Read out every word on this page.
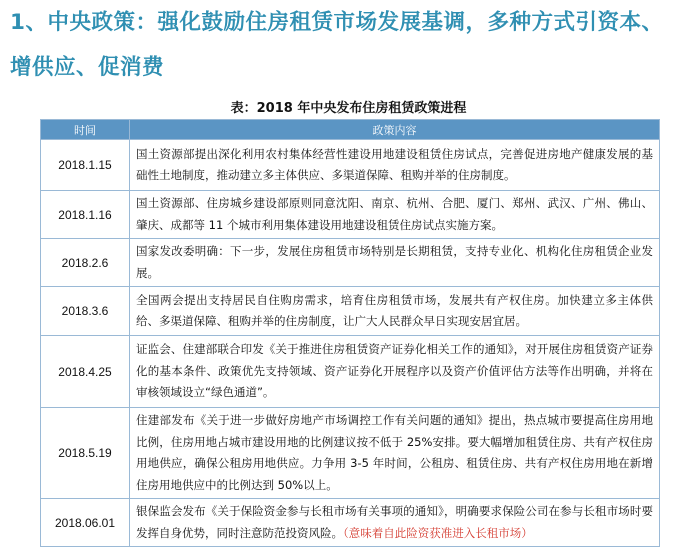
1、中央政策：强化鼓励住房租赁市场发展基调，多种方式引资本、
增供应、促消费
表：2018 年中央发布住房租赁政策进程
时间	政策内容
2018.1.15	国土资源部提出深化利用农村集体经营性建设用地建设租赁住房试点，完善促进房地产健康发展的基础性土地制度，推动建立多主体供应、多渠道保障、租购并举的住房制度。
2018.1.16	国土资源部、住房城乡建设部原则同意沈阳、南京、杭州、合肥、厦门、郑州、武汉、广州、佛山、肇庆、成都等 11 个城市利用集体建设用地建设租赁住房试点实施方案。
2018.2.6	国家发改委明确：下一步，发展住房租赁市场特别是长期租赁，支持专业化、机构化住房租赁企业发展。
2018.3.6	全国两会提出支持居民自住购房需求，培育住房租赁市场，发展共有产权住房。加快建立多主体供给、多渠道保障、租购并举的住房制度，让广大人民群众早日实现安居宜居。
2018.4.25	证监会、住建部联合印发《关于推进住房租赁资产证券化相关工作的通知》，对开展住房租赁资产证券化的基本条件、政策优先支持领域、资产证券化开展程序以及资产价值评估方法等作出明确，并将在审核领域设立“绿色通道”。
2018.5.19	住建部发布《关于进一步做好房地产市场调控工作有关问题的通知》提出，热点城市要提高住房用地比例，住房用地占城市建设用地的比例建议按不低于 25%安排。要大幅增加租赁住房、共有产权住房用地供应，确保公租房用地供应。力争用 3-5 年时间，公租房、租赁住房、共有产权住房用地在新增住房用地供应中的比例达到 50%以上。
2018.06.01	银保监会发布《关于保险资金参与长租市场有关事项的通知》，明确要求保险公司在参与长租市场时要发挥自身优势，同时注意防范投资风险。（意味着自此险资获准进入长租市场）
